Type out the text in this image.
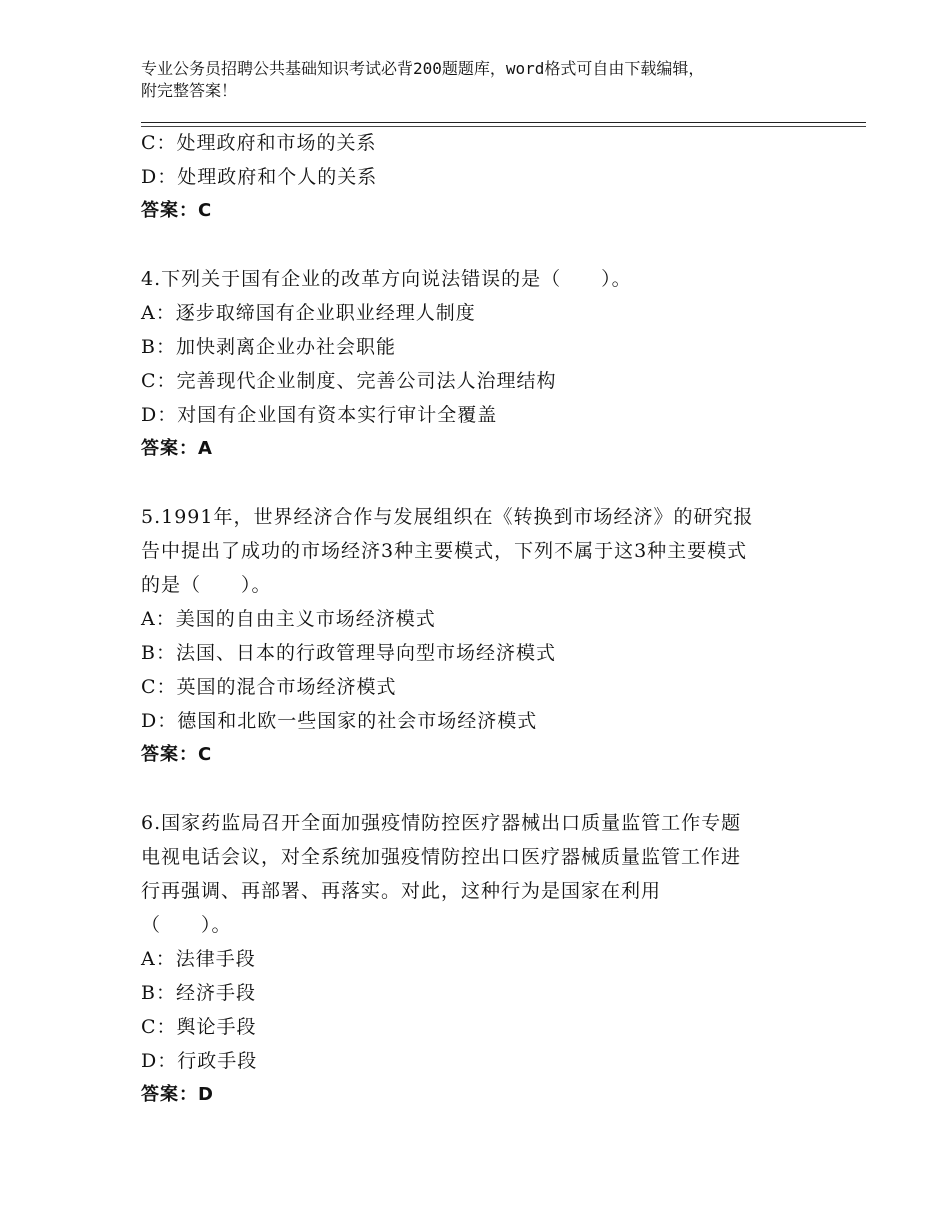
专业公务员招聘公共基础知识考试必背200题题库，word格式可自由下载编辑，
附完整答案！
C：处理政府和市场的关系
D：处理政府和个人的关系
答案：C
4.下列关于国有企业的改革方向说法错误的是（　　）。
A：逐步取缔国有企业职业经理人制度
B：加快剥离企业办社会职能
C：完善现代企业制度、完善公司法人治理结构
D：对国有企业国有资本实行审计全覆盖
答案：A
5.1991年，世界经济合作与发展组织在《转换到市场经济》的研究报
告中提出了成功的市场经济3种主要模式，下列不属于这3种主要模式
的是（　　）。
A：美国的自由主义市场经济模式
B：法国、日本的行政管理导向型市场经济模式
C：英国的混合市场经济模式
D：德国和北欧一些国家的社会市场经济模式
答案：C
6.国家药监局召开全面加强疫情防控医疗器械出口质量监管工作专题
电视电话会议，对全系统加强疫情防控出口医疗器械质量监管工作进
行再强调、再部署、再落实。对此，这种行为是国家在利用
（　　）。
A：法律手段
B：经济手段
C：舆论手段
D：行政手段
答案：D
